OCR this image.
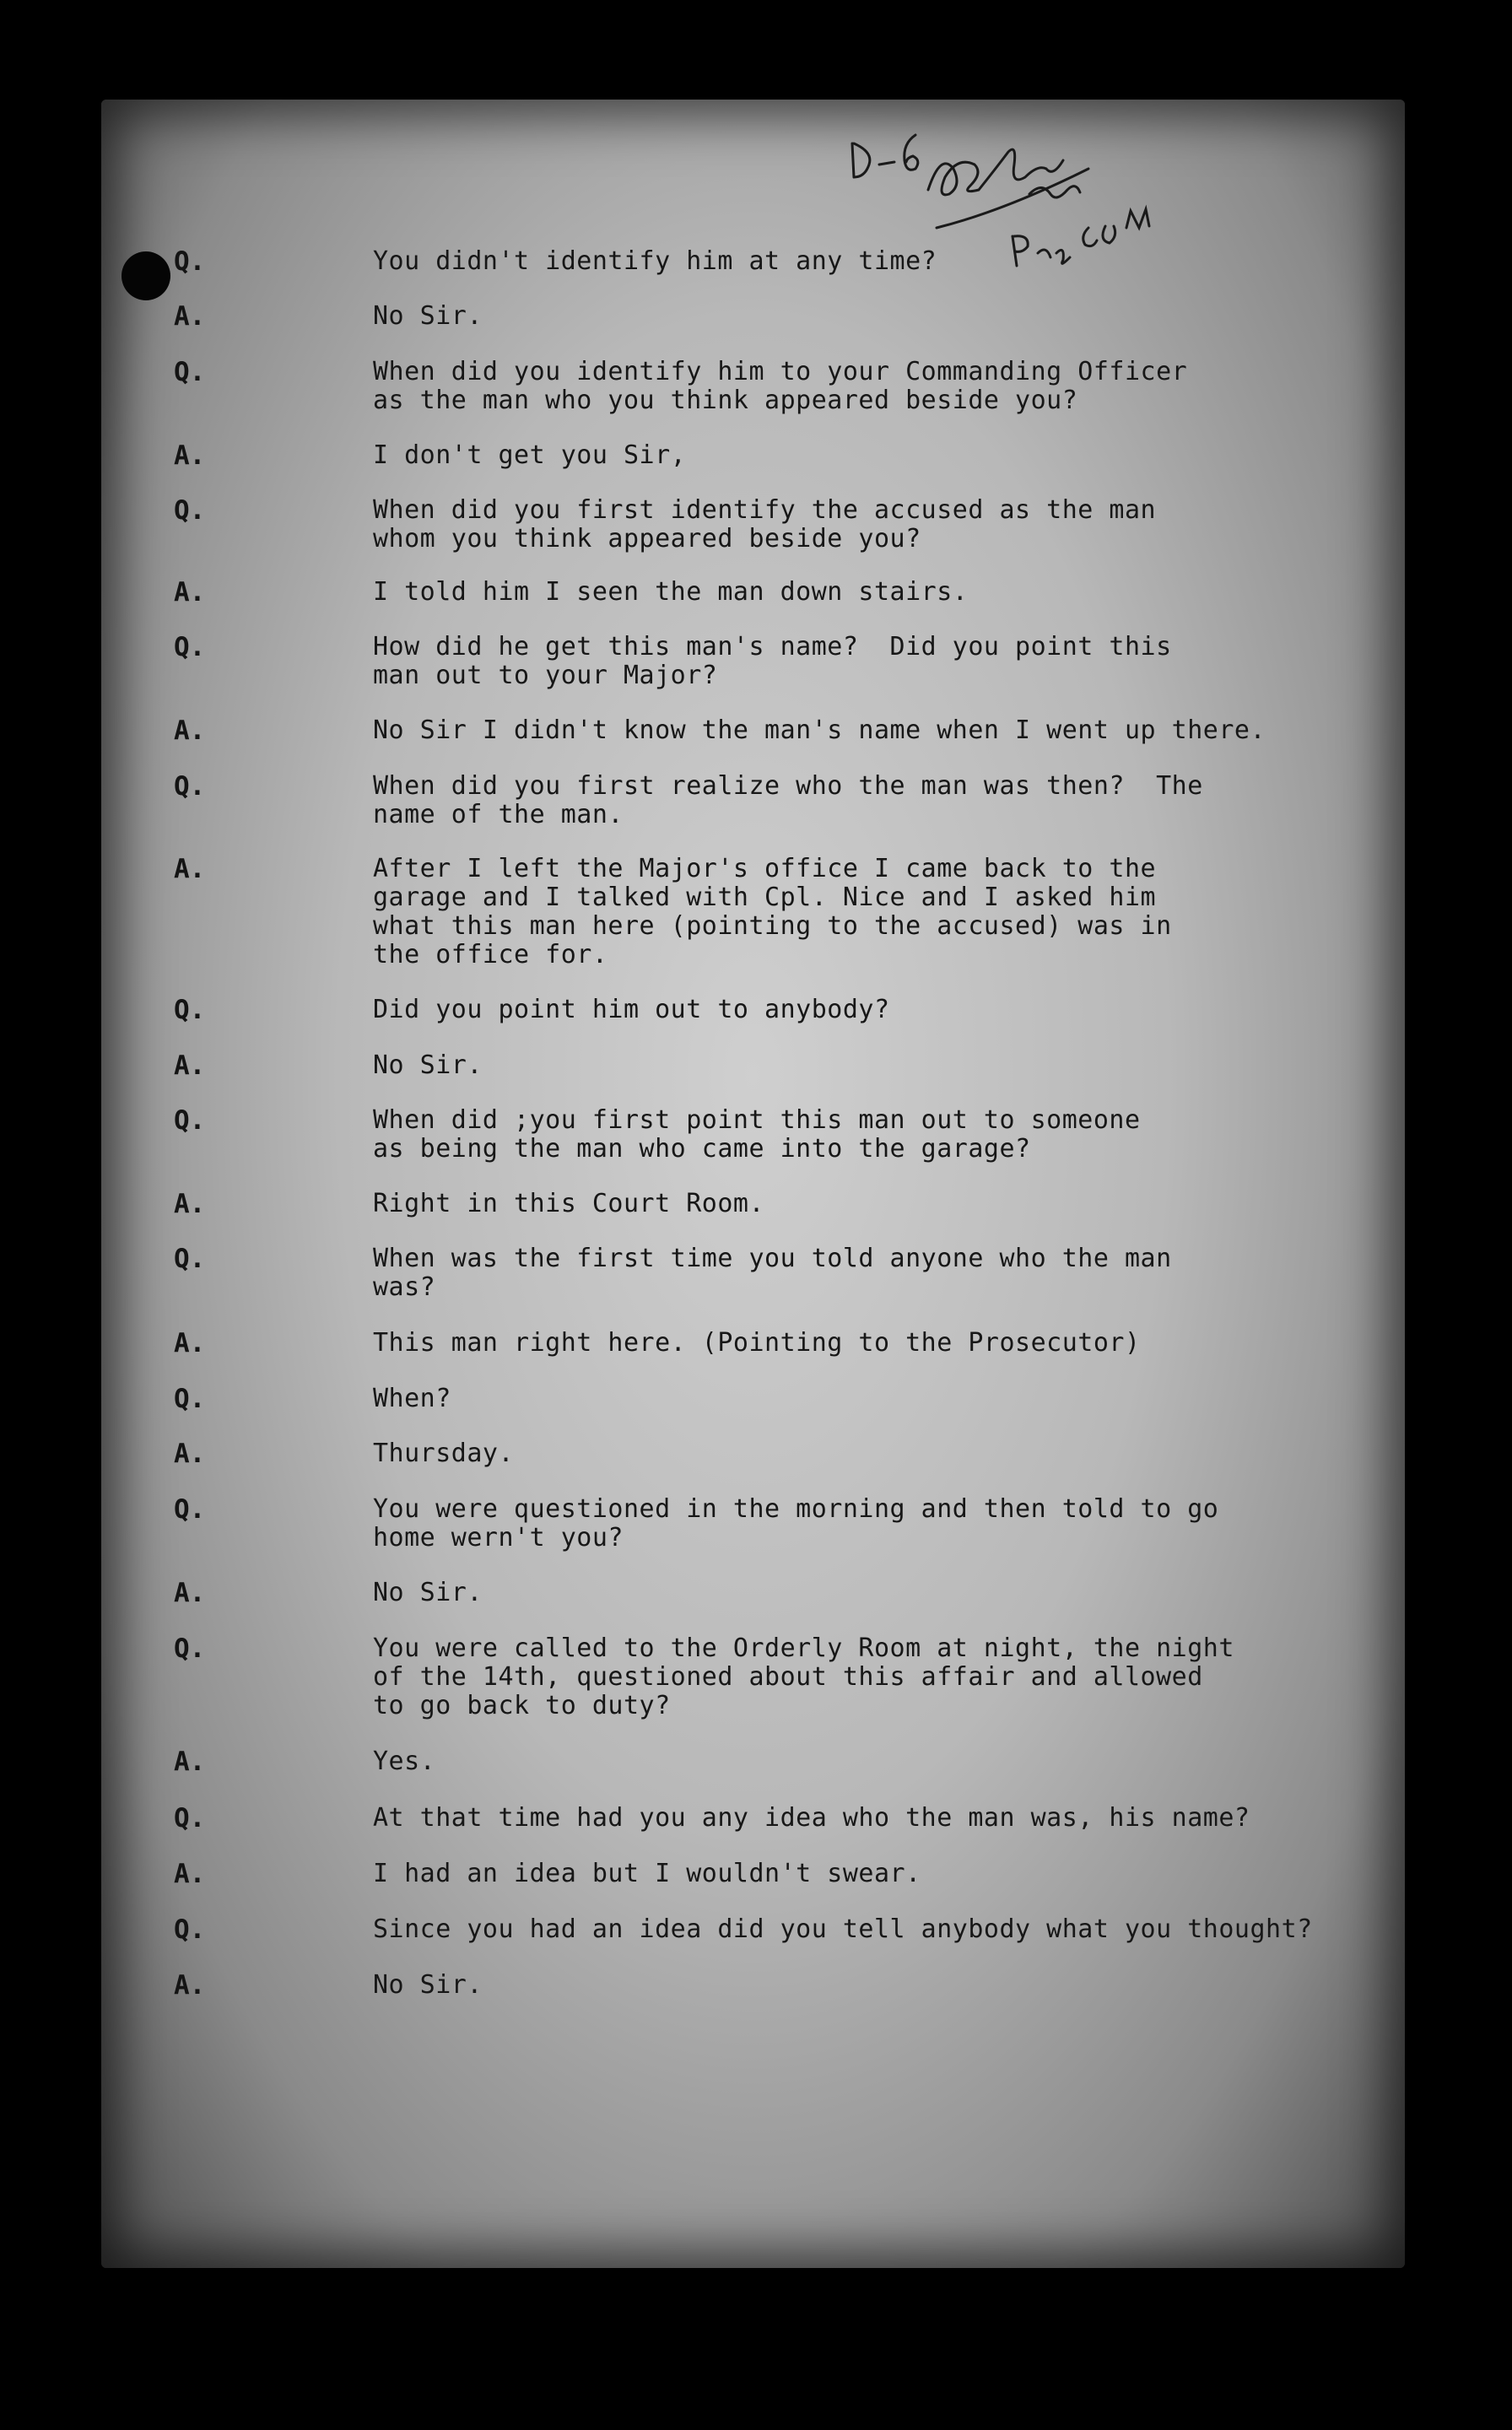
Q.	You didn't identify him at any time?
A.	No Sir.
Q.	When did you identify him to your Commanding Officer
as the man who you think appeared beside you?
A.	I don't get you Sir,
Q.	When did you first identify the accused as the man
whom you think appeared beside you?
A.	I told him I seen the man down stairs.
Q.	How did he get this man's name?  Did you point this
man out to your Major?
A.	No Sir I didn't know the man's name when I went up there.
Q.	When did you first realize who the man was then?  The
name of the man.
A.	After I left the Major's office I came back to the
garage and I talked with Cpl. Nice and I asked him
what this man here (pointing to the accused) was in
the office for.
Q.	Did you point him out to anybody?
A.	No Sir.
Q.	When did ;you first point this man out to someone
as being the man who came into the garage?
A.	Right in this Court Room.
Q.	When was the first time you told anyone who the man
was?
A.	This man right here. (Pointing to the Prosecutor)
Q.	When?
A.	Thursday.
Q.	You were questioned in the morning and then told to go
home wern't you?
A.	No Sir.
Q.	You were called to the Orderly Room at night, the night
of the 14th, questioned about this affair and allowed
to go back to duty?
A.	Yes.
Q.	At that time had you any idea who the man was, his name?
A.	I had an idea but I wouldn't swear.
Q.	Since you had an idea did you tell anybody what you thought?
A.	No Sir.
